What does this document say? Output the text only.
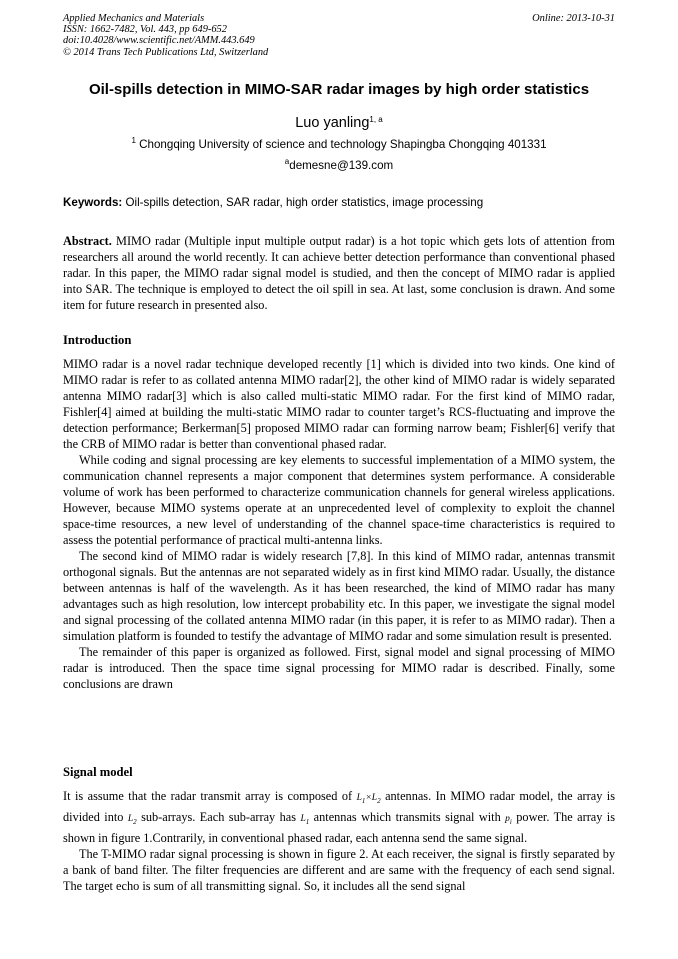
Applied Mechanics and Materials
ISSN: 1662-7482, Vol. 443, pp 649-652
doi:10.4028/www.scientific.net/AMM.443.649
© 2014 Trans Tech Publications Ltd, Switzerland
Online: 2013-10-31
Oil-spills detection in MIMO-SAR radar images by high order statistics
Luo yanling$^{1, a}$
$^1$ Chongqing University of science and technology Shapingba Chongqing 401331
$^a$demesne@139.com
Keywords: Oil-spills detection, SAR radar, high order statistics, image processing

Abstract. MIMO radar (Multiple input multiple output radar) is a hot topic which gets lots of attention from researchers all around the world recently. It can achieve better detection performance than conventional phased radar. In this paper, the MIMO radar signal model is studied, and then the concept of MIMO radar is applied into SAR. The technique is employed to detect the oil spill in sea. At last, some conclusion is drawn. And some item for future research in presented also.

Introduction

MIMO radar is a novel radar technique developed recently [1] which is divided into two kinds. One kind of MIMO radar is refer to as collated antenna MIMO radar[2], the other kind of MIMO radar is widely separated antenna MIMO radar[3] which is also called multi-static MIMO radar. For the first kind of MIMO radar, Fishler[4] aimed at building the multi-static MIMO radar to counter target’s RCS-fluctuating and improve the detection performance; Berkerman[5] proposed MIMO radar can forming narrow beam; Fishler[6] verify that the CRB of MIMO radar is better than conventional phased radar.

While coding and signal processing are key elements to successful implementation of a MIMO system, the communication channel represents a major component that determines system performance. A considerable volume of work has been performed to characterize communication channels for general wireless applications. However, because MIMO systems operate at an unprecedented level of complexity to exploit the channel space-time resources, a new level of understanding of the channel space-time characteristics is required to assess the potential performance of practical multi-antenna links.

The second kind of MIMO radar is widely research [7,8]. In this kind of MIMO radar, antennas transmit orthogonal signals. But the antennas are not separated widely as in first kind MIMO radar. Usually, the distance between antennas is half of the wavelength. As it has been researched, the kind of MIMO radar has many advantages such as high resolution, low intercept probability etc. In this paper, we investigate the signal model and signal processing of the collated antenna MIMO radar (in this paper, it is refer to as MIMO radar). Then a simulation platform is founded to testify the advantage of MIMO radar and some simulation result is presented.

The remainder of this paper is organized as followed. First, signal model and signal processing of MIMO radar is introduced. Then the space time signal processing for MIMO radar is described. Finally, some conclusions are drawn

Signal model

It is assume that the radar transmit array is composed of $L_1\times L_2$ antennas. In MIMO radar model, the array is divided into $L_2$ sub-arrays. Each sub-array has $L_1$ antennas which transmits signal with $p_i$ power. The array is shown in figure 1.Contrarily, in conventional phased radar, each antenna send the same signal.

The T-MIMO radar signal processing is shown in figure 2. At each receiver, the signal is firstly separated by a bank of band filter. The filter frequencies are different and are same with the frequency of each send signal. The target echo is sum of all transmitting signal. So, it includes all the send signal
